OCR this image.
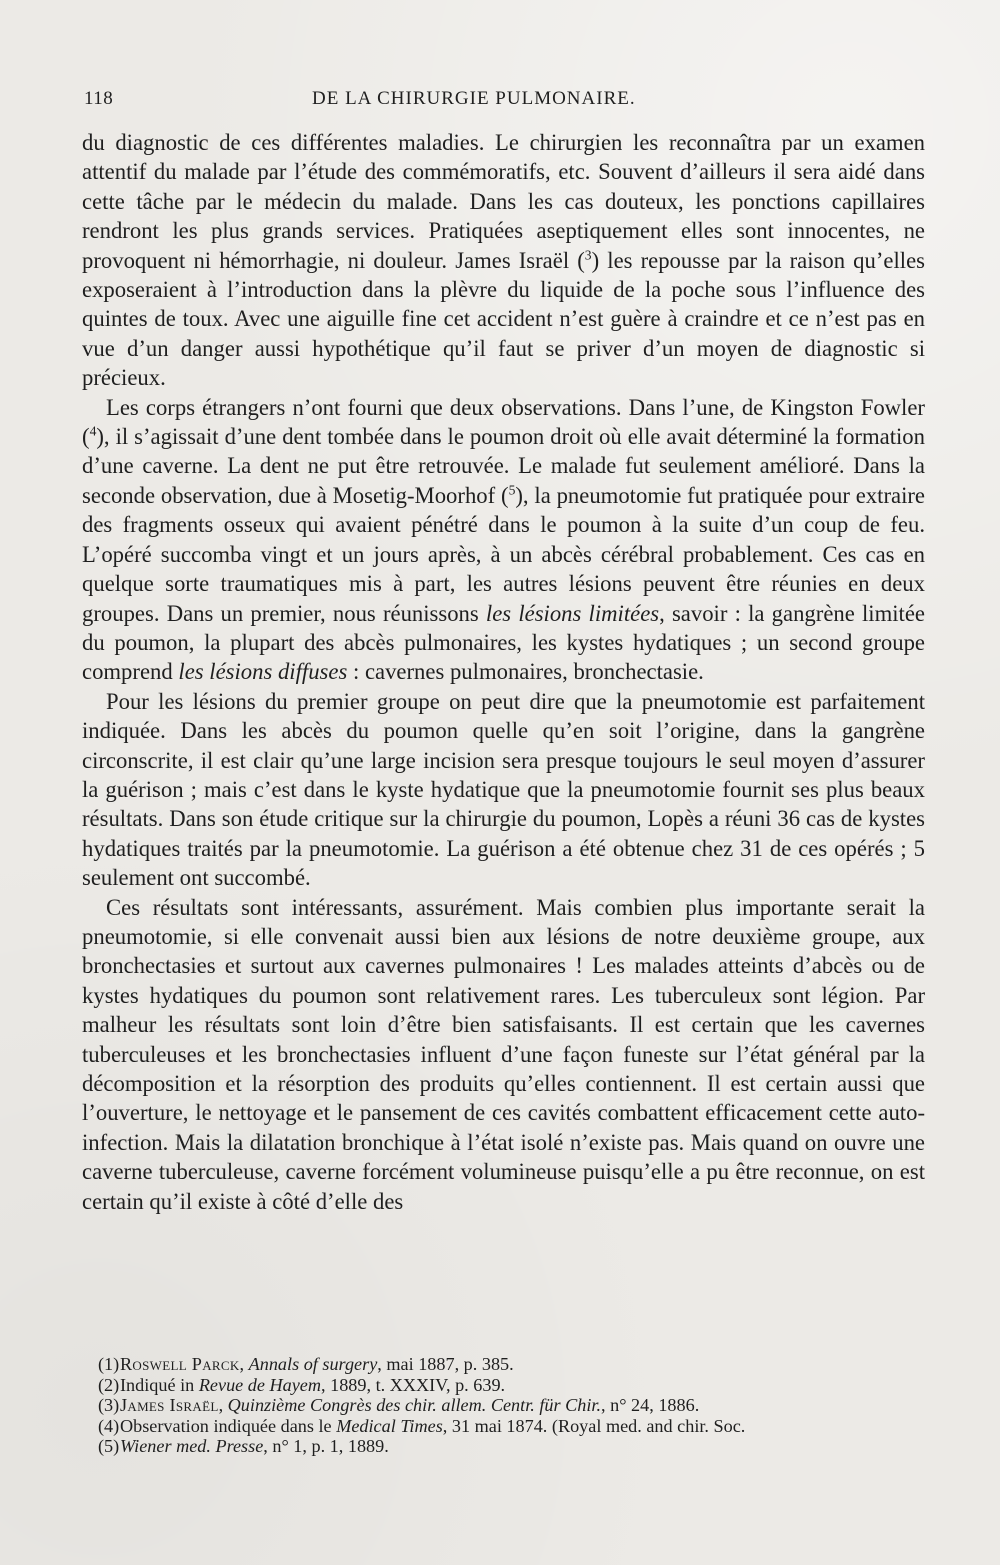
118	DE LA CHIRURGIE PULMONAIRE.

du diagnostic de ces différentes maladies. Le chirurgien les reconnaîtra par un examen attentif du malade par l’étude des commémoratifs, etc. Souvent d’ailleurs il sera aidé dans cette tâche par le médecin du malade. Dans les cas douteux, les ponctions capillaires rendront les plus grands services. Pratiquées aseptiquement elles sont innocentes, ne provoquent ni hémorrhagie, ni douleur. James Israël ($^3$) les repousse par la raison qu’elles exposeraient à l’introduction dans la plèvre du liquide de la poche sous l’influence des quintes de toux. Avec une aiguille fine cet accident n’est guère à craindre et ce n’est pas en vue d’un danger aussi hypothétique qu’il faut se priver d’un moyen de diagnostic si précieux.

Les corps étrangers n’ont fourni que deux observations. Dans l’une, de Kingston Fowler ($^4$), il s’agissait d’une dent tombée dans le poumon droit où elle avait déterminé la formation d’une caverne. La dent ne put être retrouvée. Le malade fut seulement amélioré. Dans la seconde observation, due à Mosetig-Moorhof ($^5$), la pneumotomie fut pratiquée pour extraire des fragments osseux qui avaient pénétré dans le poumon à la suite d’un coup de feu. L’opéré succomba vingt et un jours après, à un abcès cérébral probablement. Ces cas en quelque sorte traumatiques mis à part, les autres lésions peuvent être réunies en deux groupes. Dans un premier, nous réunissons les lésions limitées, savoir : la gangrène limitée du poumon, la plupart des abcès pulmonaires, les kystes hydatiques ; un second groupe comprend les lésions diffuses : cavernes pulmonaires, bronchectasie.

Pour les lésions du premier groupe on peut dire que la pneumotomie est parfaitement indiquée. Dans les abcès du poumon quelle qu’en soit l’origine, dans la gangrène circonscrite, il est clair qu’une large incision sera presque toujours le seul moyen d’assurer la guérison ; mais c’est dans le kyste hydatique que la pneumotomie fournit ses plus beaux résultats. Dans son étude critique sur la chirurgie du poumon, Lopès a réuni 36 cas de kystes hydatiques traités par la pneumotomie. La guérison a été obtenue chez 31 de ces opérés ; 5 seulement ont succombé.

Ces résultats sont intéressants, assurément. Mais combien plus importante serait la pneumotomie, si elle convenait aussi bien aux lésions de notre deuxième groupe, aux bronchectasies et surtout aux cavernes pulmonaires ! Les malades atteints d’abcès ou de kystes hydatiques du poumon sont relativement rares. Les tuberculeux sont légion. Par malheur les résultats sont loin d’être bien satisfaisants. Il est certain que les cavernes tuberculeuses et les bronchectasies influent d’une façon funeste sur l’état général par la décomposition et la résorption des produits qu’elles contiennent. Il est certain aussi que l’ouverture, le nettoyage et le pansement de ces cavités combattent efficacement cette auto-infection. Mais la dilatation bronchique à l’état isolé n’existe pas. Mais quand on ouvre une caverne tuberculeuse, caverne forcément volumineuse puisqu’elle a pu être reconnue, on est certain qu’il existe à côté d’elle des

(1)Roswell Parck, Annals of surgery, mai 1887, p. 385.

(2)Indiqué in Revue de Hayem, 1889, t. XXXIV, p. 639.

(3)James Israël, Quinzième Congrès des chir. allem. Centr. für Chir., n° 24, 1886.

(4)Observation indiquée dans le Medical Times, 31 mai 1874. (Royal med. and chir. Soc.

(5)Wiener med. Presse, n° 1, p. 1, 1889.
